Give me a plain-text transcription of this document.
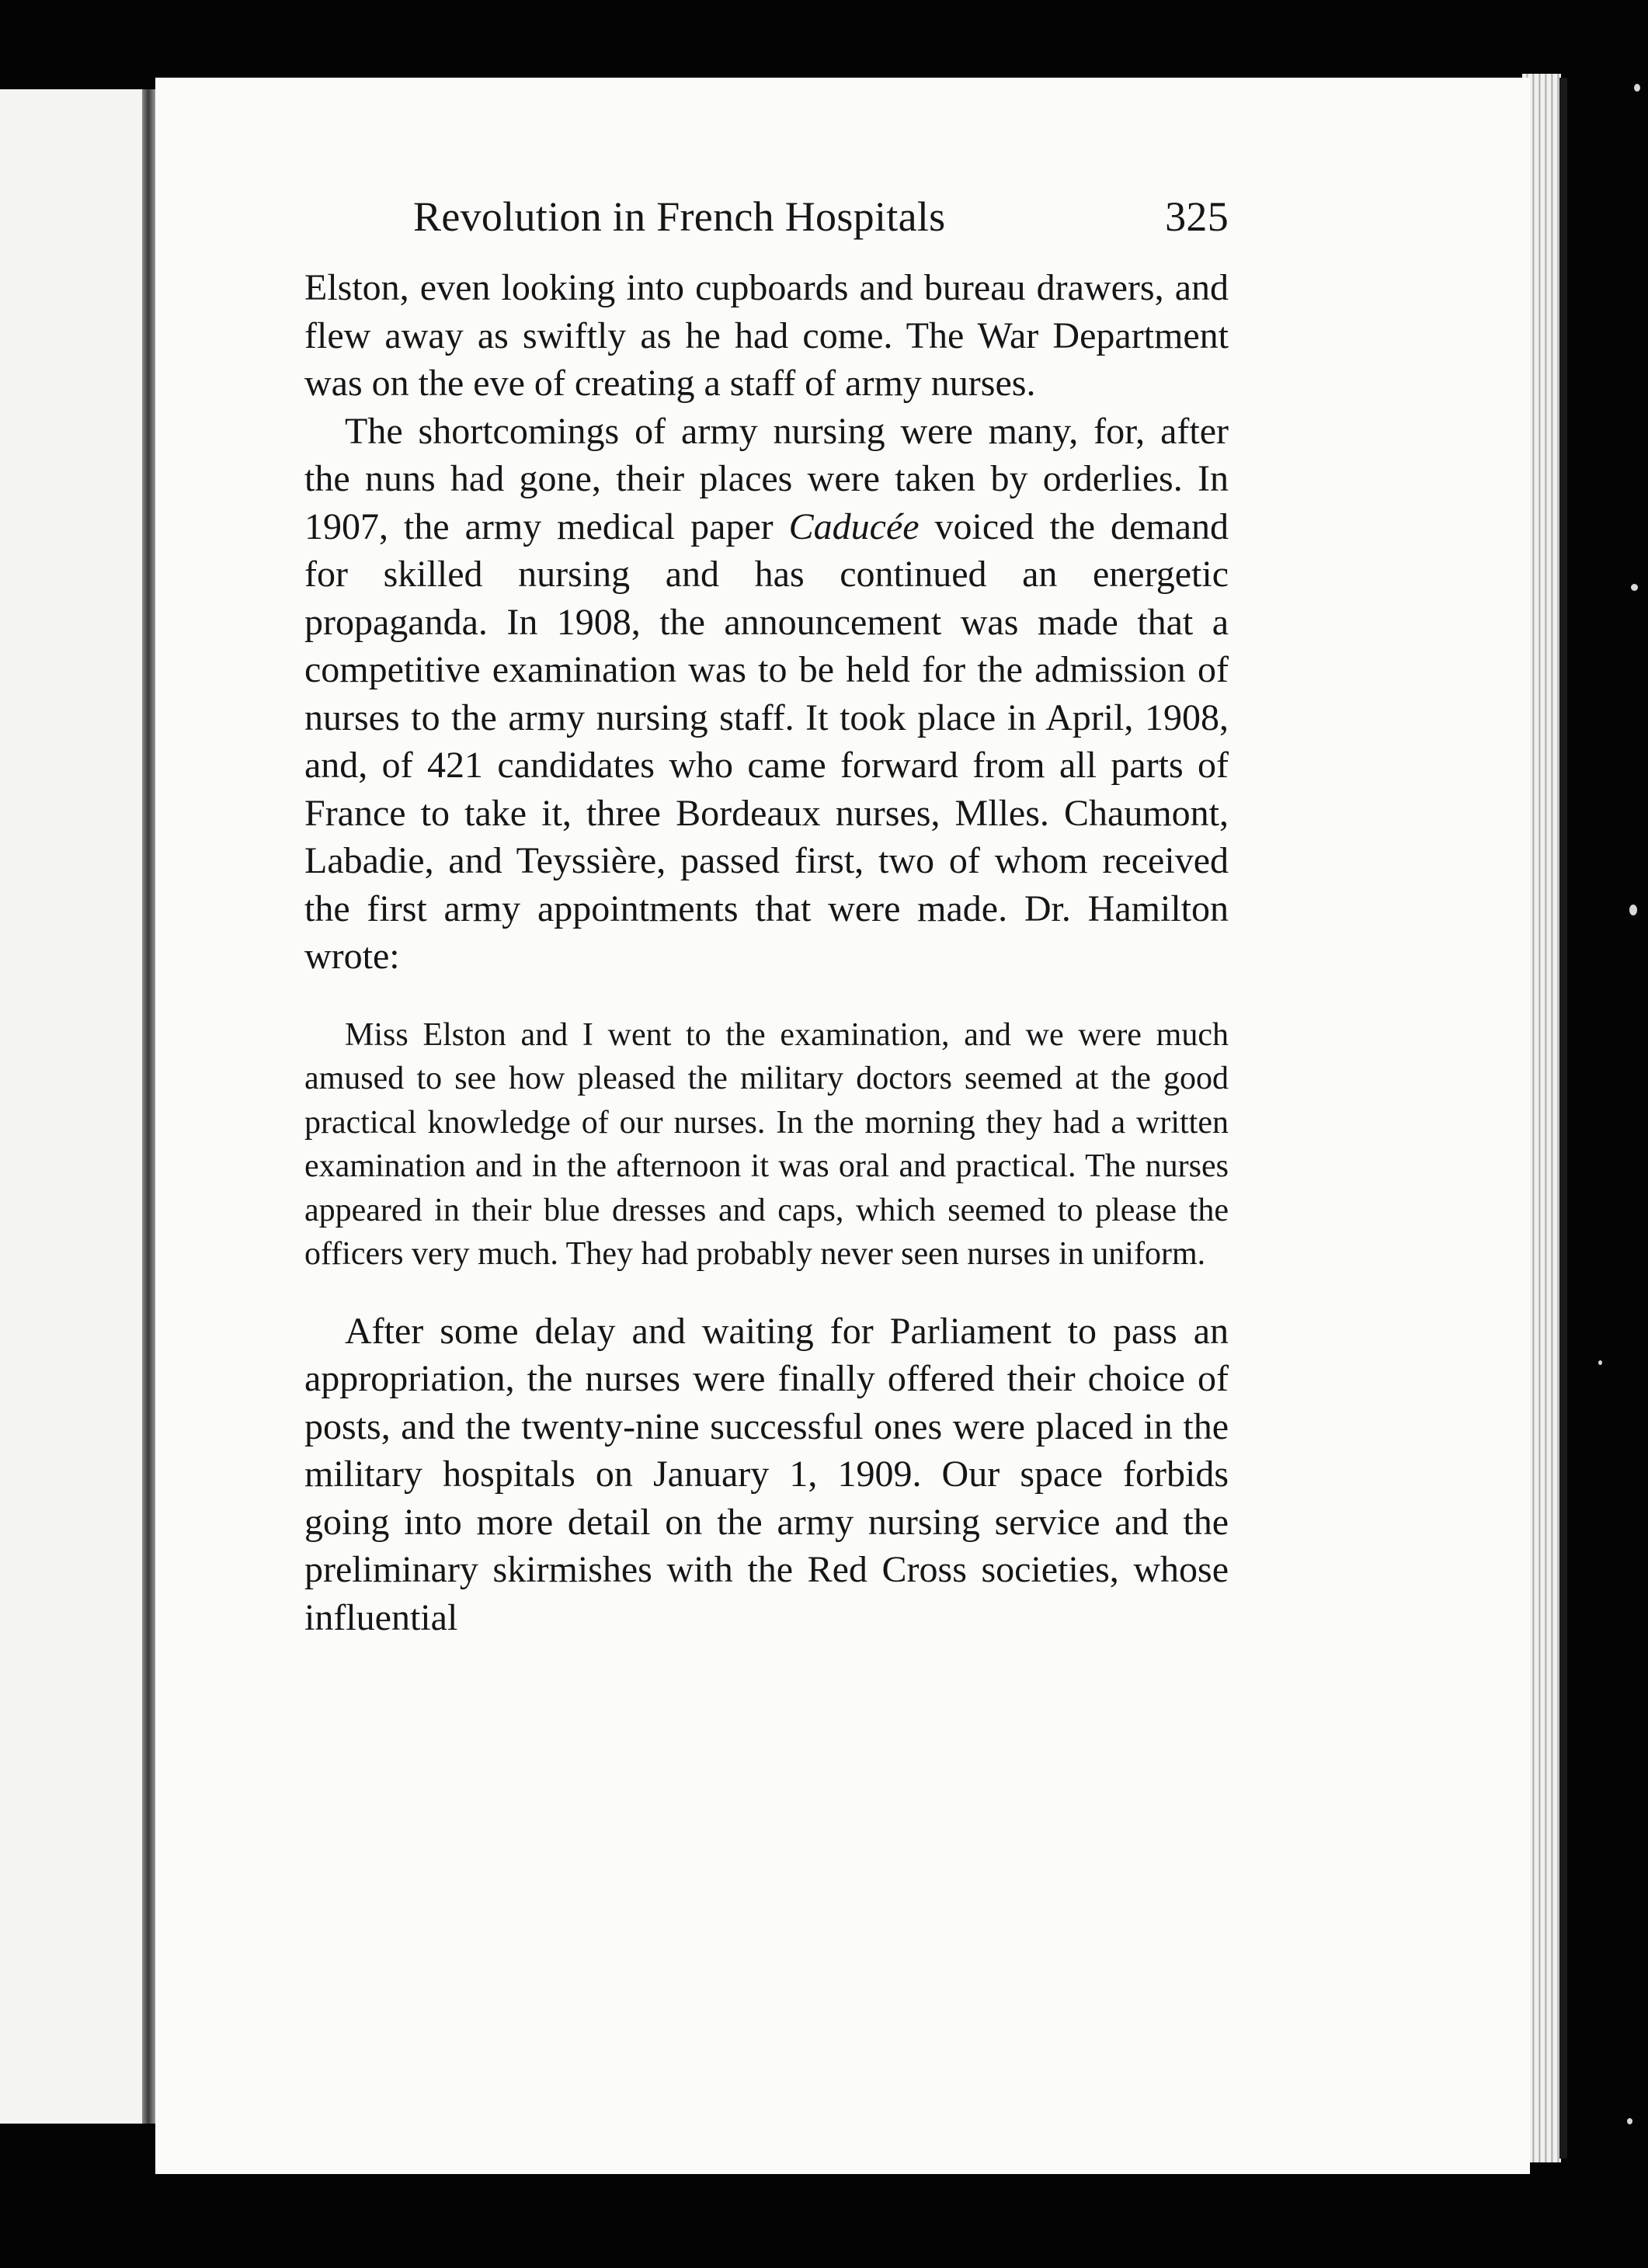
Revolution in French Hospitals	325

Elston, even looking into cupboards and bureau drawers, and flew away as swiftly as he had come. The War Department was on the eve of creating a staff of army nurses.

The shortcomings of army nursing were many, for, after the nuns had gone, their places were taken by orderlies. In 1907, the army medical paper Caducée voiced the demand for skilled nursing and has continued an energetic propaganda. In 1908, the announcement was made that a competitive examination was to be held for the admission of nurses to the army nursing staff. It took place in April, 1908, and, of 421 candidates who came forward from all parts of France to take it, three Bordeaux nurses, Mlles. Chaumont, Labadie, and Teyssière, passed first, two of whom received the first army appointments that were made. Dr. Hamilton wrote:

Miss Elston and I went to the examination, and we were much amused to see how pleased the military doctors seemed at the good practical knowledge of our nurses. In the morning they had a written examination and in the afternoon it was oral and practical. The nurses appeared in their blue dresses and caps, which seemed to please the officers very much. They had probably never seen nurses in uniform.

After some delay and waiting for Parliament to pass an appropriation, the nurses were finally offered their choice of posts, and the twenty-nine successful ones were placed in the military hospitals on January 1, 1909. Our space forbids going into more detail on the army nursing service and the preliminary skirmishes with the Red Cross societies, whose influential
